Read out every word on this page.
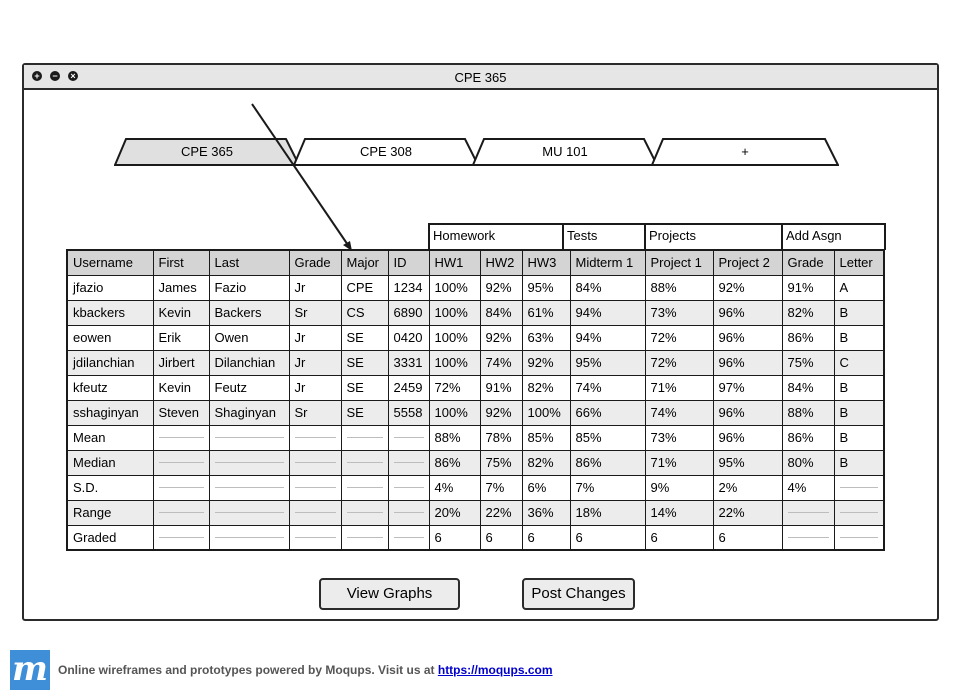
+ − ×	CPE 365
CPE 365	CPE 308	MU 101	+
Homework	Tests	Projects	Add Asgn
Username	First	Last	Grade	Major	ID	HW1	HW2	HW3	Midterm 1	Project 1	Project 2	Grade	Letter
jfazio	James	Fazio	Jr	CPE	1234	100%	92%	95%	84%	88%	92%	91%	A
kbackers	Kevin	Backers	Sr	CS	6890	100%	84%	61%	94%	73%	96%	82%	B
eowen	Erik	Owen	Jr	SE	0420	100%	92%	63%	94%	72%	96%	86%	B
jdilanchian	Jirbert	Dilanchian	Jr	SE	3331	100%	74%	92%	95%	72%	96%	75%	C
kfeutz	Kevin	Feutz	Jr	SE	2459	72%	91%	82%	74%	71%	97%	84%	B
sshaginyan	Steven	Shaginyan	Sr	SE	5558	100%	92%	100%	66%	74%	96%	88%	B
Mean						88%	78%	85%	85%	73%	96%	86%	B
Median						86%	75%	82%	86%	71%	95%	80%	B
S.D.						4%	7%	6%	7%	9%	2%	4%	

Range						20%	22%	36%	18%	14%	22%	

Graded						6	6	6	6	6	6	

View Graphs	Post Changes
m Online wireframes and prototypes powered by Moqups. Visit us at https://moqups.com
